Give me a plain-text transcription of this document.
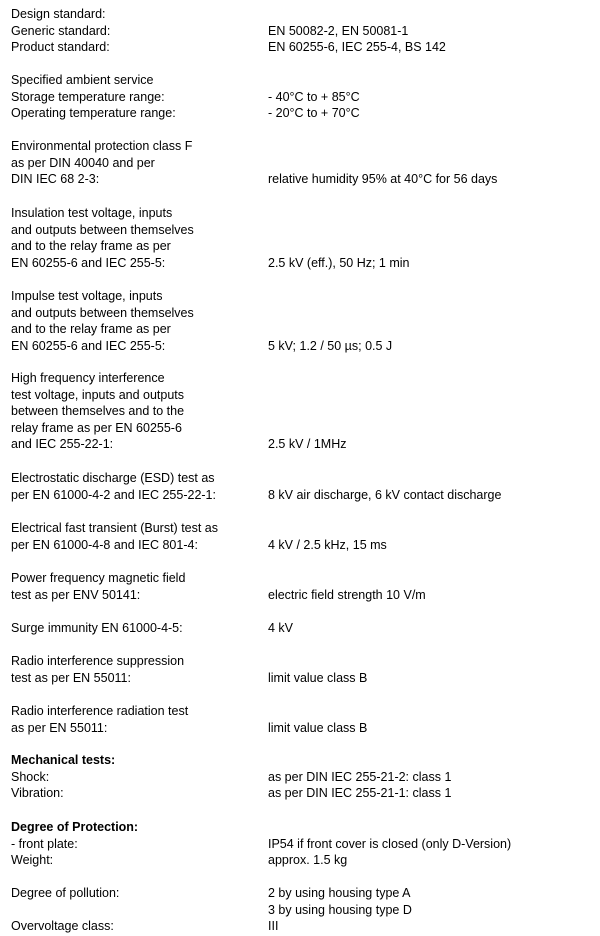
Design standard:
Generic standard:	EN 50082-2, EN 50081-1
Product standard:	EN 60255-6, IEC 255-4, BS 142
Specified ambient service
Storage temperature range:	- 40°C to + 85°C
Operating temperature range:	- 20°C to + 70°C
Environmental protection class F
as per DIN 40040 and per
DIN IEC 68 2-3:	relative humidity 95% at 40°C for 56 days
Insulation test voltage, inputs
and outputs between themselves
and to the relay frame as per
EN 60255-6 and IEC 255-5:	2.5 kV (eff.), 50 Hz; 1 min
Impulse test voltage, inputs
and outputs between themselves
and to the relay frame as per
EN 60255-6 and IEC 255-5:	5 kV; 1.2 / 50 µs; 0.5 J
High frequency interference
test voltage, inputs and outputs
between themselves and to the
relay frame as per EN 60255-6
and IEC 255-22-1:	2.5 kV / 1MHz
Electrostatic discharge (ESD) test as
per EN 61000-4-2 and IEC 255-22-1:	8 kV air discharge, 6 kV contact discharge
Electrical fast transient (Burst) test as
per EN 61000-4-8 and IEC 801-4:	4 kV / 2.5 kHz, 15 ms
Power frequency magnetic field
test as per ENV 50141:	electric field strength 10 V/m
Surge immunity EN 61000-4-5:	4 kV
Radio interference suppression
test as per EN 55011:	limit value class B
Radio interference radiation test
as per EN 55011:	limit value class B
Mechanical tests:
Shock:	as per DIN IEC 255-21-2: class 1
Vibration:	as per DIN IEC 255-21-1: class 1
Degree of Protection:
- front plate:	IP54 if front cover is closed (only D-Version)
Weight:	approx. 1.5 kg
Degree of pollution:	2 by using housing type A
3 by using housing type D
Overvoltage class:	III
